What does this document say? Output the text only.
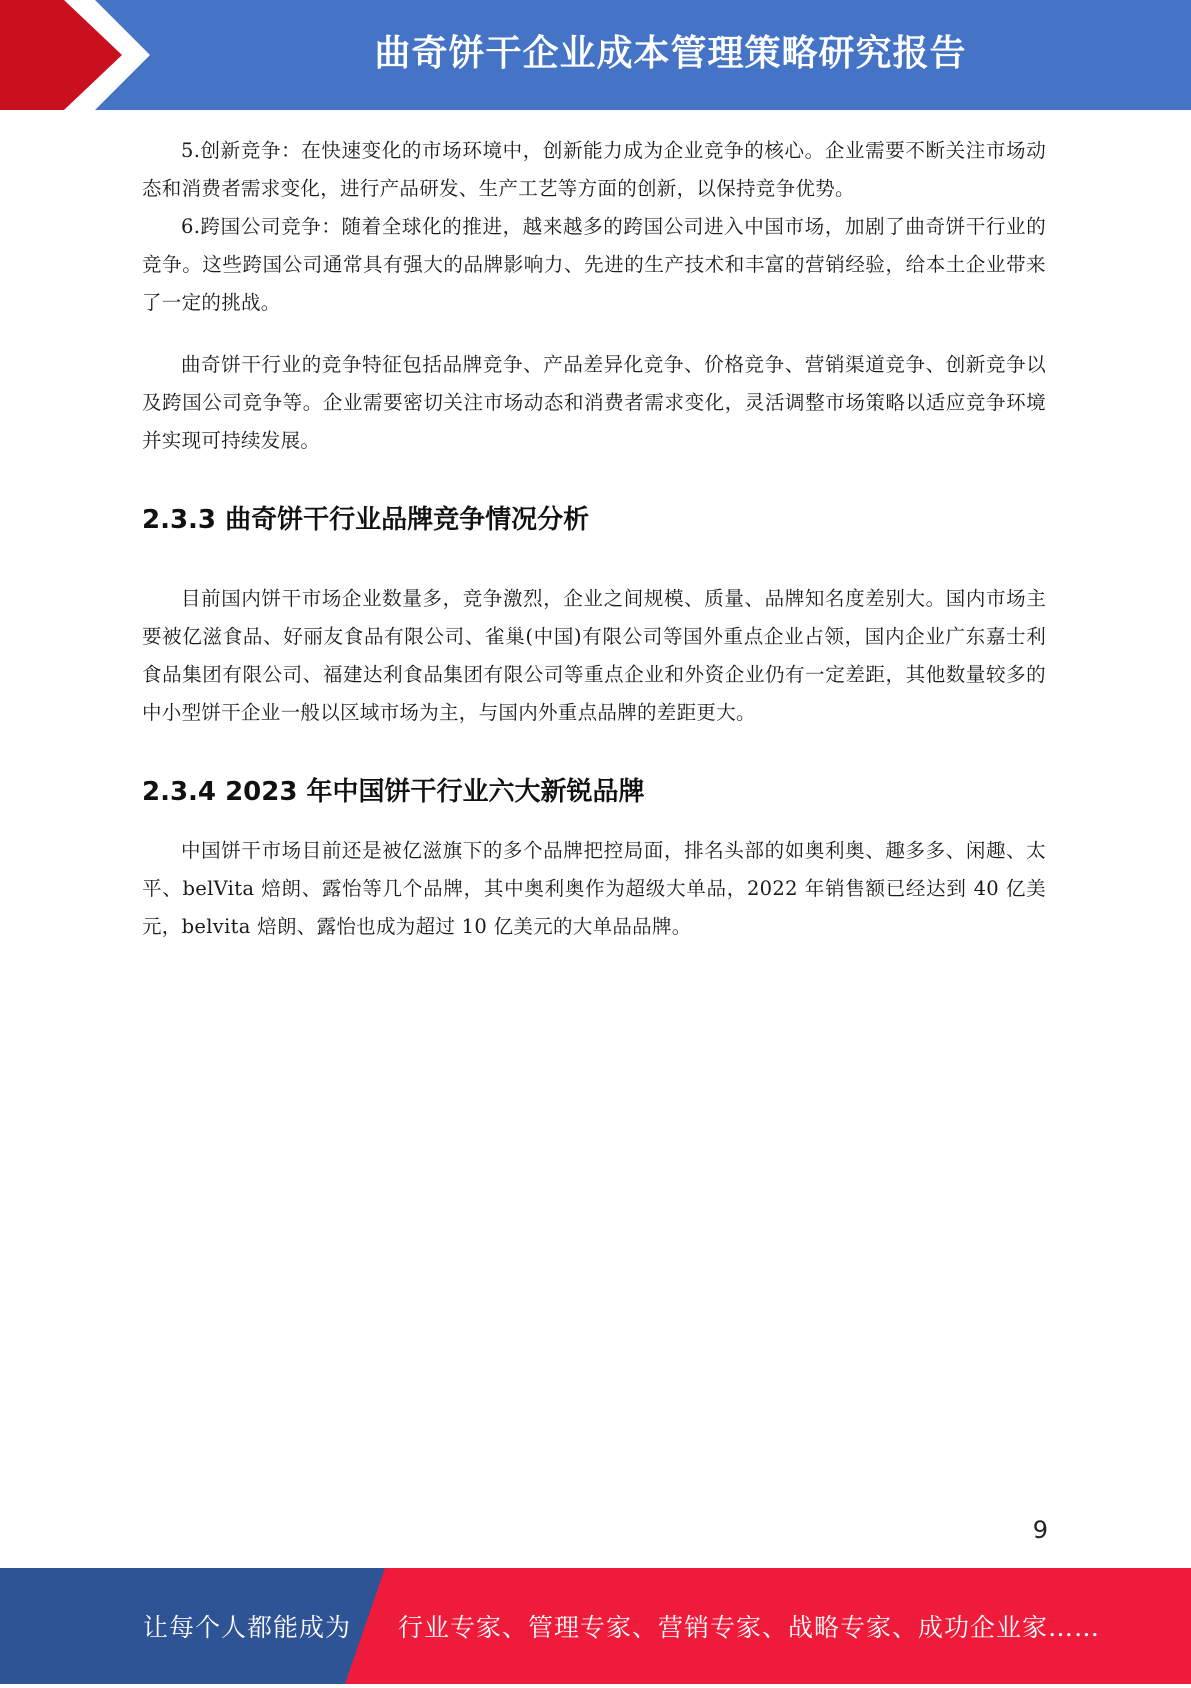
曲奇饼干企业成本管理策略研究报告

5.创新竞争：在快速变化的市场环境中，创新能力成为企业竞争的核心。企业需要不断关注市场动态和消费者需求变化，进行产品研发、生产工艺等方面的创新，以保持竞争优势。

6.跨国公司竞争：随着全球化的推进，越来越多的跨国公司进入中国市场，加剧了曲奇饼干行业的竞争。这些跨国公司通常具有强大的品牌影响力、先进的生产技术和丰富的营销经验，给本土企业带来了一定的挑战。

曲奇饼干行业的竞争特征包括品牌竞争、产品差异化竞争、价格竞争、营销渠道竞争、创新竞争以及跨国公司竞争等。企业需要密切关注市场动态和消费者需求变化，灵活调整市场策略以适应竞争环境并实现可持续发展。

2.3.3 曲奇饼干行业品牌竞争情况分析

目前国内饼干市场企业数量多，竞争激烈，企业之间规模、质量、品牌知名度差别大。国内市场主要被亿滋食品、好丽友食品有限公司、雀巢(中国)有限公司等国外重点企业占领，国内企业广东嘉士利食品集团有限公司、福建达利食品集团有限公司等重点企业和外资企业仍有一定差距，其他数量较多的中小型饼干企业一般以区域市场为主，与国内外重点品牌的差距更大。

2.3.4 2023 年中国饼干行业六大新锐品牌

中国饼干市场目前还是被亿滋旗下的多个品牌把控局面，排名头部的如奥利奥、趣多多、闲趣、太平、belVita 焙朗、露怡等几个品牌，其中奥利奥作为超级大单品，2022 年销售额已经达到 40 亿美元，belvita 焙朗、露怡也成为超过 10 亿美元的大单品品牌。

9
让每个人都能成为 行业专家、管理专家、营销专家、战略专家、成功企业家……
